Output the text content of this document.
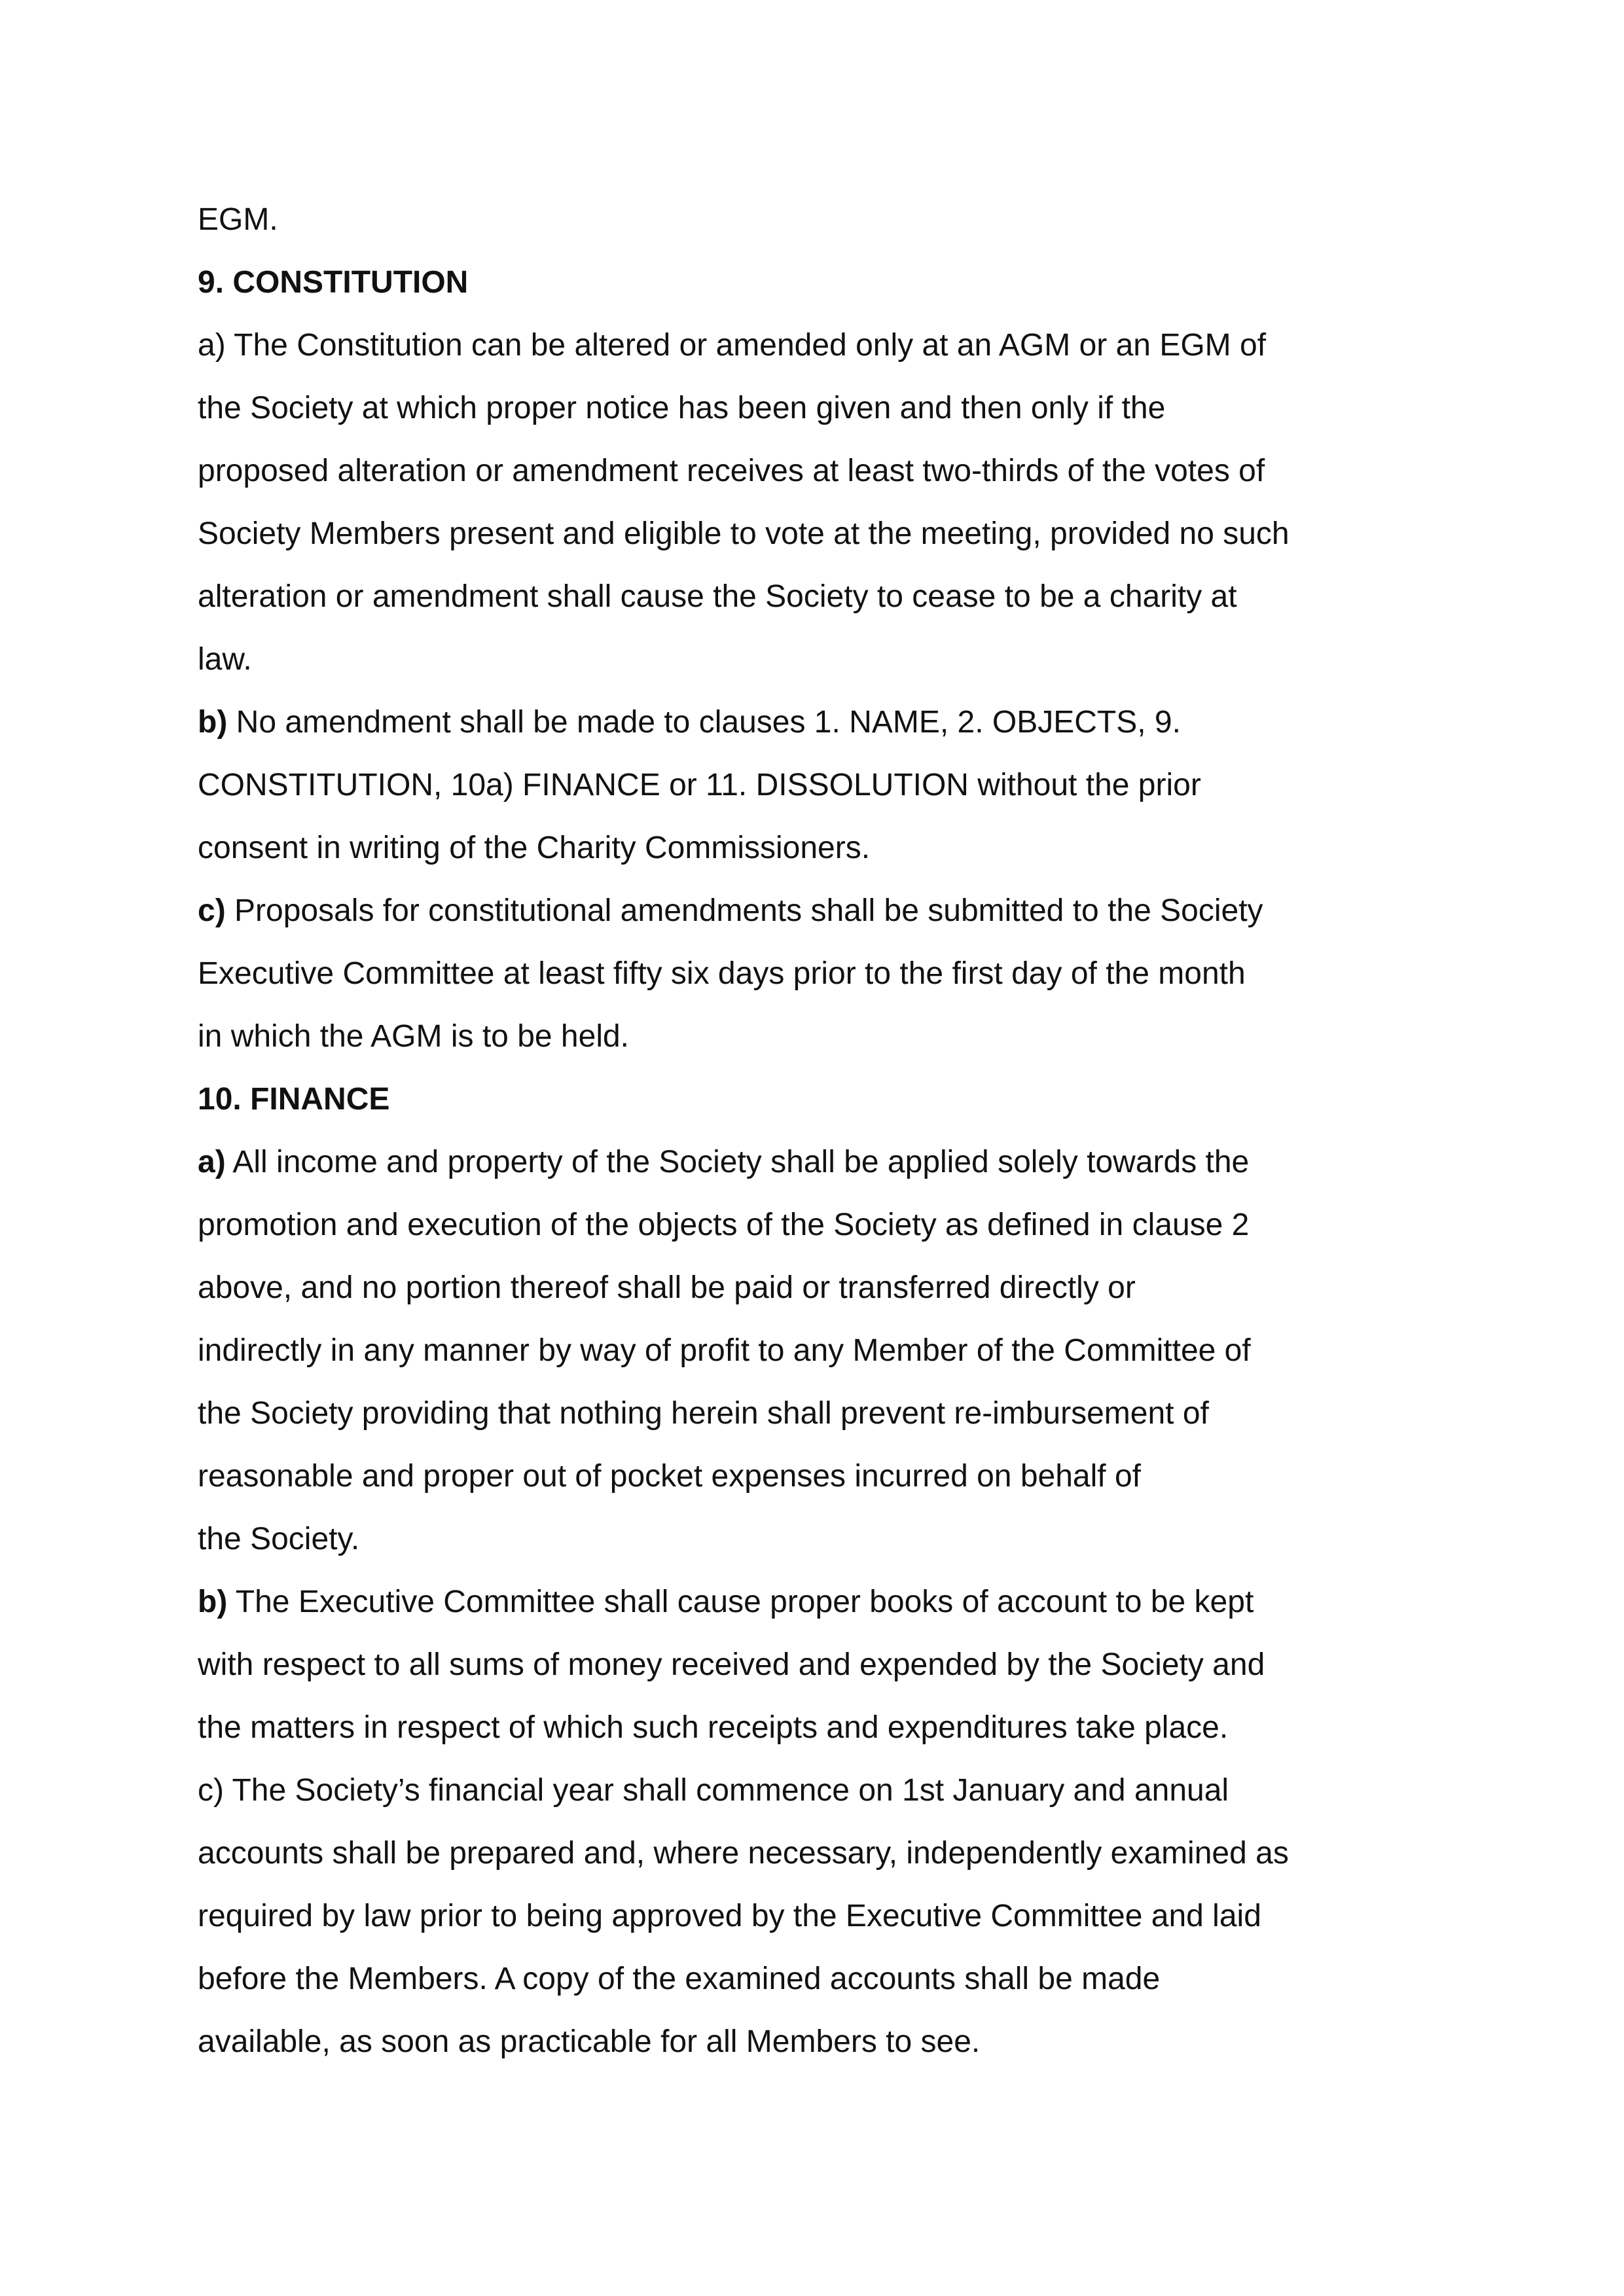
EGM.
9. CONSTITUTION
a) The Constitution can be altered or amended only at an AGM or an EGM of
the Society at which proper notice has been given and then only if the
proposed alteration or amendment receives at least two-thirds of the votes of
Society Members present and eligible to vote at the meeting, provided no such
alteration or amendment shall cause the Society to cease to be a charity at
law.
b) No amendment shall be made to clauses 1. NAME, 2. OBJECTS, 9.
CONSTITUTION, 10a) FINANCE or 11. DISSOLUTION without the prior
consent in writing of the Charity Commissioners.
c) Proposals for constitutional amendments shall be submitted to the Society
Executive Committee at least fifty six days prior to the first day of the month
in which the AGM is to be held.
10. FINANCE
a) All income and property of the Society shall be applied solely towards the
promotion and execution of the objects of the Society as defined in clause 2
above, and no portion thereof shall be paid or transferred directly or
indirectly in any manner by way of profit to any Member of the Committee of
the Society providing that nothing herein shall prevent re-imbursement of
reasonable and proper out of pocket expenses incurred on behalf of
the Society.
b) The Executive Committee shall cause proper books of account to be kept
with respect to all sums of money received and expended by the Society and
the matters in respect of which such receipts and expenditures take place.
c) The Society’s financial year shall commence on 1st January and annual
accounts shall be prepared and, where necessary, independently examined as
required by law prior to being approved by the Executive Committee and laid
before the Members. A copy of the examined accounts shall be made
available, as soon as practicable for all Members to see.
